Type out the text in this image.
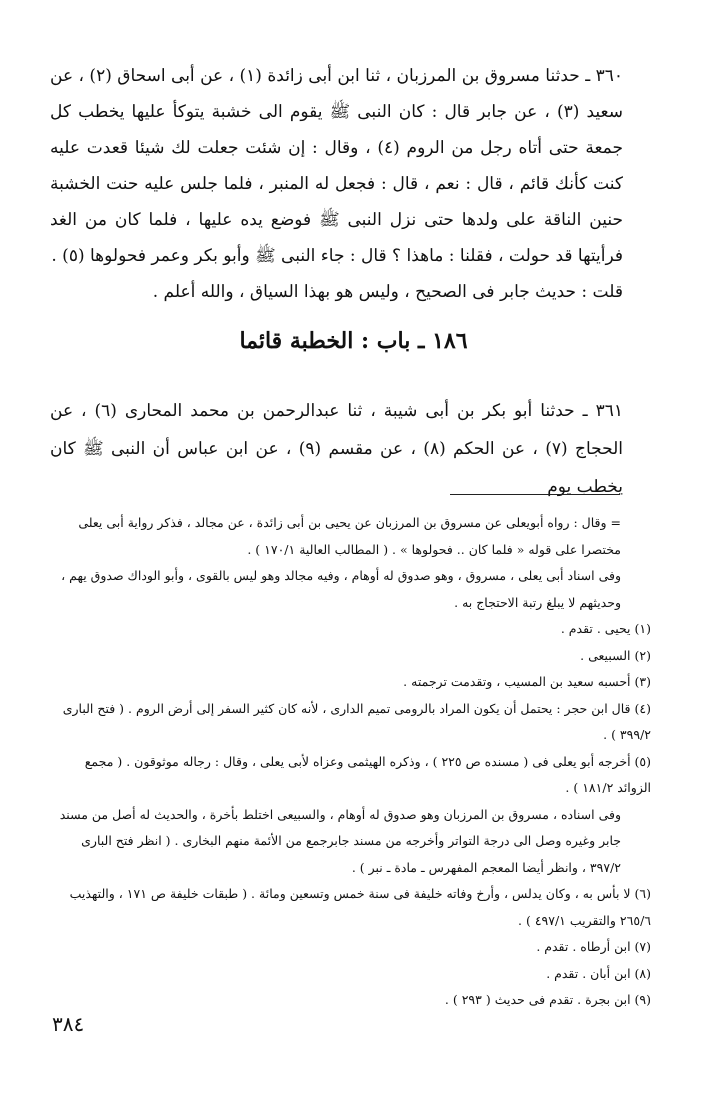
٣٦٠ ـ حدثنا مسروق بن المرزبان ، ثنا ابن أبى زائدة (١) ، عن أبى اسحاق (٢) ، عن سعيد (٣) ، عن جابر قال : كان النبى ﷺ يقوم الى خشبة يتوكأ عليها يخطب كل جمعة حتى أتاه رجل من الروم (٤) ، وقال : إن شئت جعلت لك شيئا قعدت عليه كنت كأنك قائم ، قال : نعم ، قال : فجعل له المنبر ، فلما جلس عليه حنت الخشبة حنين الناقة على ولدها حتى نزل النبى ﷺ فوضع يده عليها ، فلما كان من الغد فرأيتها قد حولت ، فقلنا : ماهذا ؟ قال : جاء النبى ﷺ وأبو بكر وعمر فحولوها (٥) .

قلت : حديث جابر فى الصحيح ، وليس هو بهذا السياق ، والله أعلم .

١٨٦ ـ باب : الخطبة قائما

٣٦١ ـ حدثنا أبو بكر بن أبى شيبة ، ثنا عبدالرحمن بن محمد المحارى (٦) ، عن الحجاج (٧) ، عن الحكم (٨) ، عن مقسم (٩) ، عن ابن عباس أن النبى ﷺ كان يخطب يوم

= وقال : رواه أبويعلى عن مسروق بن المرزبان عن يحيى بن أبى زائدة ، عن مجالد ، فذكر رواية أبى يعلى مختصرا على قوله « فلما كان .. فحولوها » . ( المطالب العالية ١٧٠/١ ) .

وفى اسناد أبى يعلى ، مسروق ، وهو صدوق له أوهام ، وفيه مجالد وهو ليس بالقوى ، وأبو الوداك صدوق يهم ، وحديثهم لا يبلغ رتبة الاحتجاج به .

(١) يحيى . تقدم .

(٢) السبيعى .

(٣) أحسبه سعيد بن المسيب ، وتقدمت ترجمته .

(٤) قال ابن حجر : يحتمل أن يكون المراد بالرومى تميم الدارى ، لأنه كان كثير السفر إلى أرض الروم . ( فتح البارى ٣٩٩/٢ ) .

(٥) أخرجه أبو يعلى فى ( مسنده ص ٢٢٥ ) ، وذكره الهيثمى وعزاه لأبى يعلى ، وقال : رجاله موثوقون . ( مجمع الزوائد ١٨١/٢ ) .

وفى اسناده ، مسروق بن المرزبان وهو صدوق له أوهام ، والسبيعى اختلط بأخرة ، والحديث له أصل من مسند جابر وغيره وصل الى درجة التواتر وأخرجه من مسند جابرجمع من الأئمة منهم البخارى . ( انظر فتح البارى ٣٩٧/٢ ، وانظر أيضا المعجم المفهرس ـ مادة ـ نبر ) .

(٦) لا بأس به ، وكان يدلس ، وأرخ وفاته خليفة فى سنة خمس وتسعين ومائة . ( طبقات خليفة ص ١٧١ ، والتهذيب ٢٦٥/٦ والتقريب ٤٩٧/١ ) .

(٧) ابن أرطاه . تقدم .

(٨) ابن أبان . تقدم .

(٩) ابن بجرة . تقدم فى حديث ( ٢٩٣ ) .

٣٨٤
